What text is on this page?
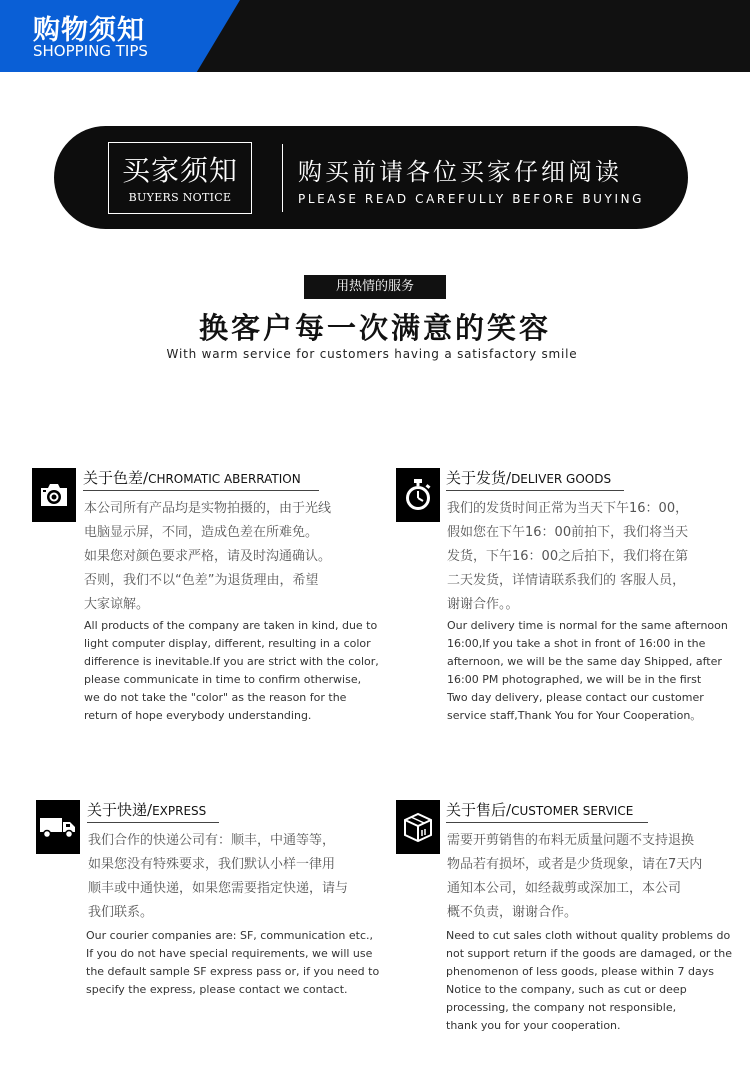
购物须知
SHOPPING TIPS
买家须知
BUYERS NOTICE
购买前请各位买家仔细阅读
PLEASE READ CAREFULLY BEFORE BUYING
用热情的服务
换客户每一次满意的笑容
With warm service for customers having a satisfactory smile
关于色差/CHROMATIC ABERRATION
本公司所有产品均是实物拍摄的，由于光线
电脑显示屏，不同，造成色差在所难免。
如果您对颜色要求严格，请及时沟通确认。
否则，我们不以“色差”为退货理由，希望
大家谅解。
All products of the company are taken in kind, due to
light computer display, different, resulting in a color
difference is inevitable.If you are strict with the color,
please communicate in time to confirm otherwise,
we do not take the "color" as the reason for the
return of hope everybody understanding.
关于发货/DELIVER GOODS
我们的发货时间正常为当天下午16：00，
假如您在下午16：00前拍下，我们将当天
发货，下午16：00之后拍下，我们将在第
二天发货，详情请联系我们的 客服人员，
谢谢合作。。
Our delivery time is normal for the same afternoon
16:00,If you take a shot in front of 16:00 in the
afternoon, we will be the same day Shipped, after
16:00 PM photographed, we will be in the first
Two day delivery, please contact our customer
service staff,Thank You for Your Cooperation。
关于快递/EXPRESS
我们合作的快递公司有：顺丰，中通等等，
如果您没有特殊要求，我们默认小样一律用
顺丰或中通快递，如果您需要指定快递，请与
我们联系。
Our courier companies are: SF, communication etc.,
If you do not have special requirements, we will use
the default sample SF express pass or, if you need to
specify the express, please contact we contact.
关于售后/CUSTOMER SERVICE
需要开剪销售的布料无质量问题不支持退换
物品若有损坏，或者是少货现象，请在7天内
通知本公司，如经裁剪或深加工，本公司
概不负责，谢谢合作。
Need to cut sales cloth without quality problems do
not support return if the goods are damaged, or the
phenomenon of less goods, please within 7 days
Notice to the company, such as cut or deep
processing, the company not responsible,
thank you for your cooperation.
